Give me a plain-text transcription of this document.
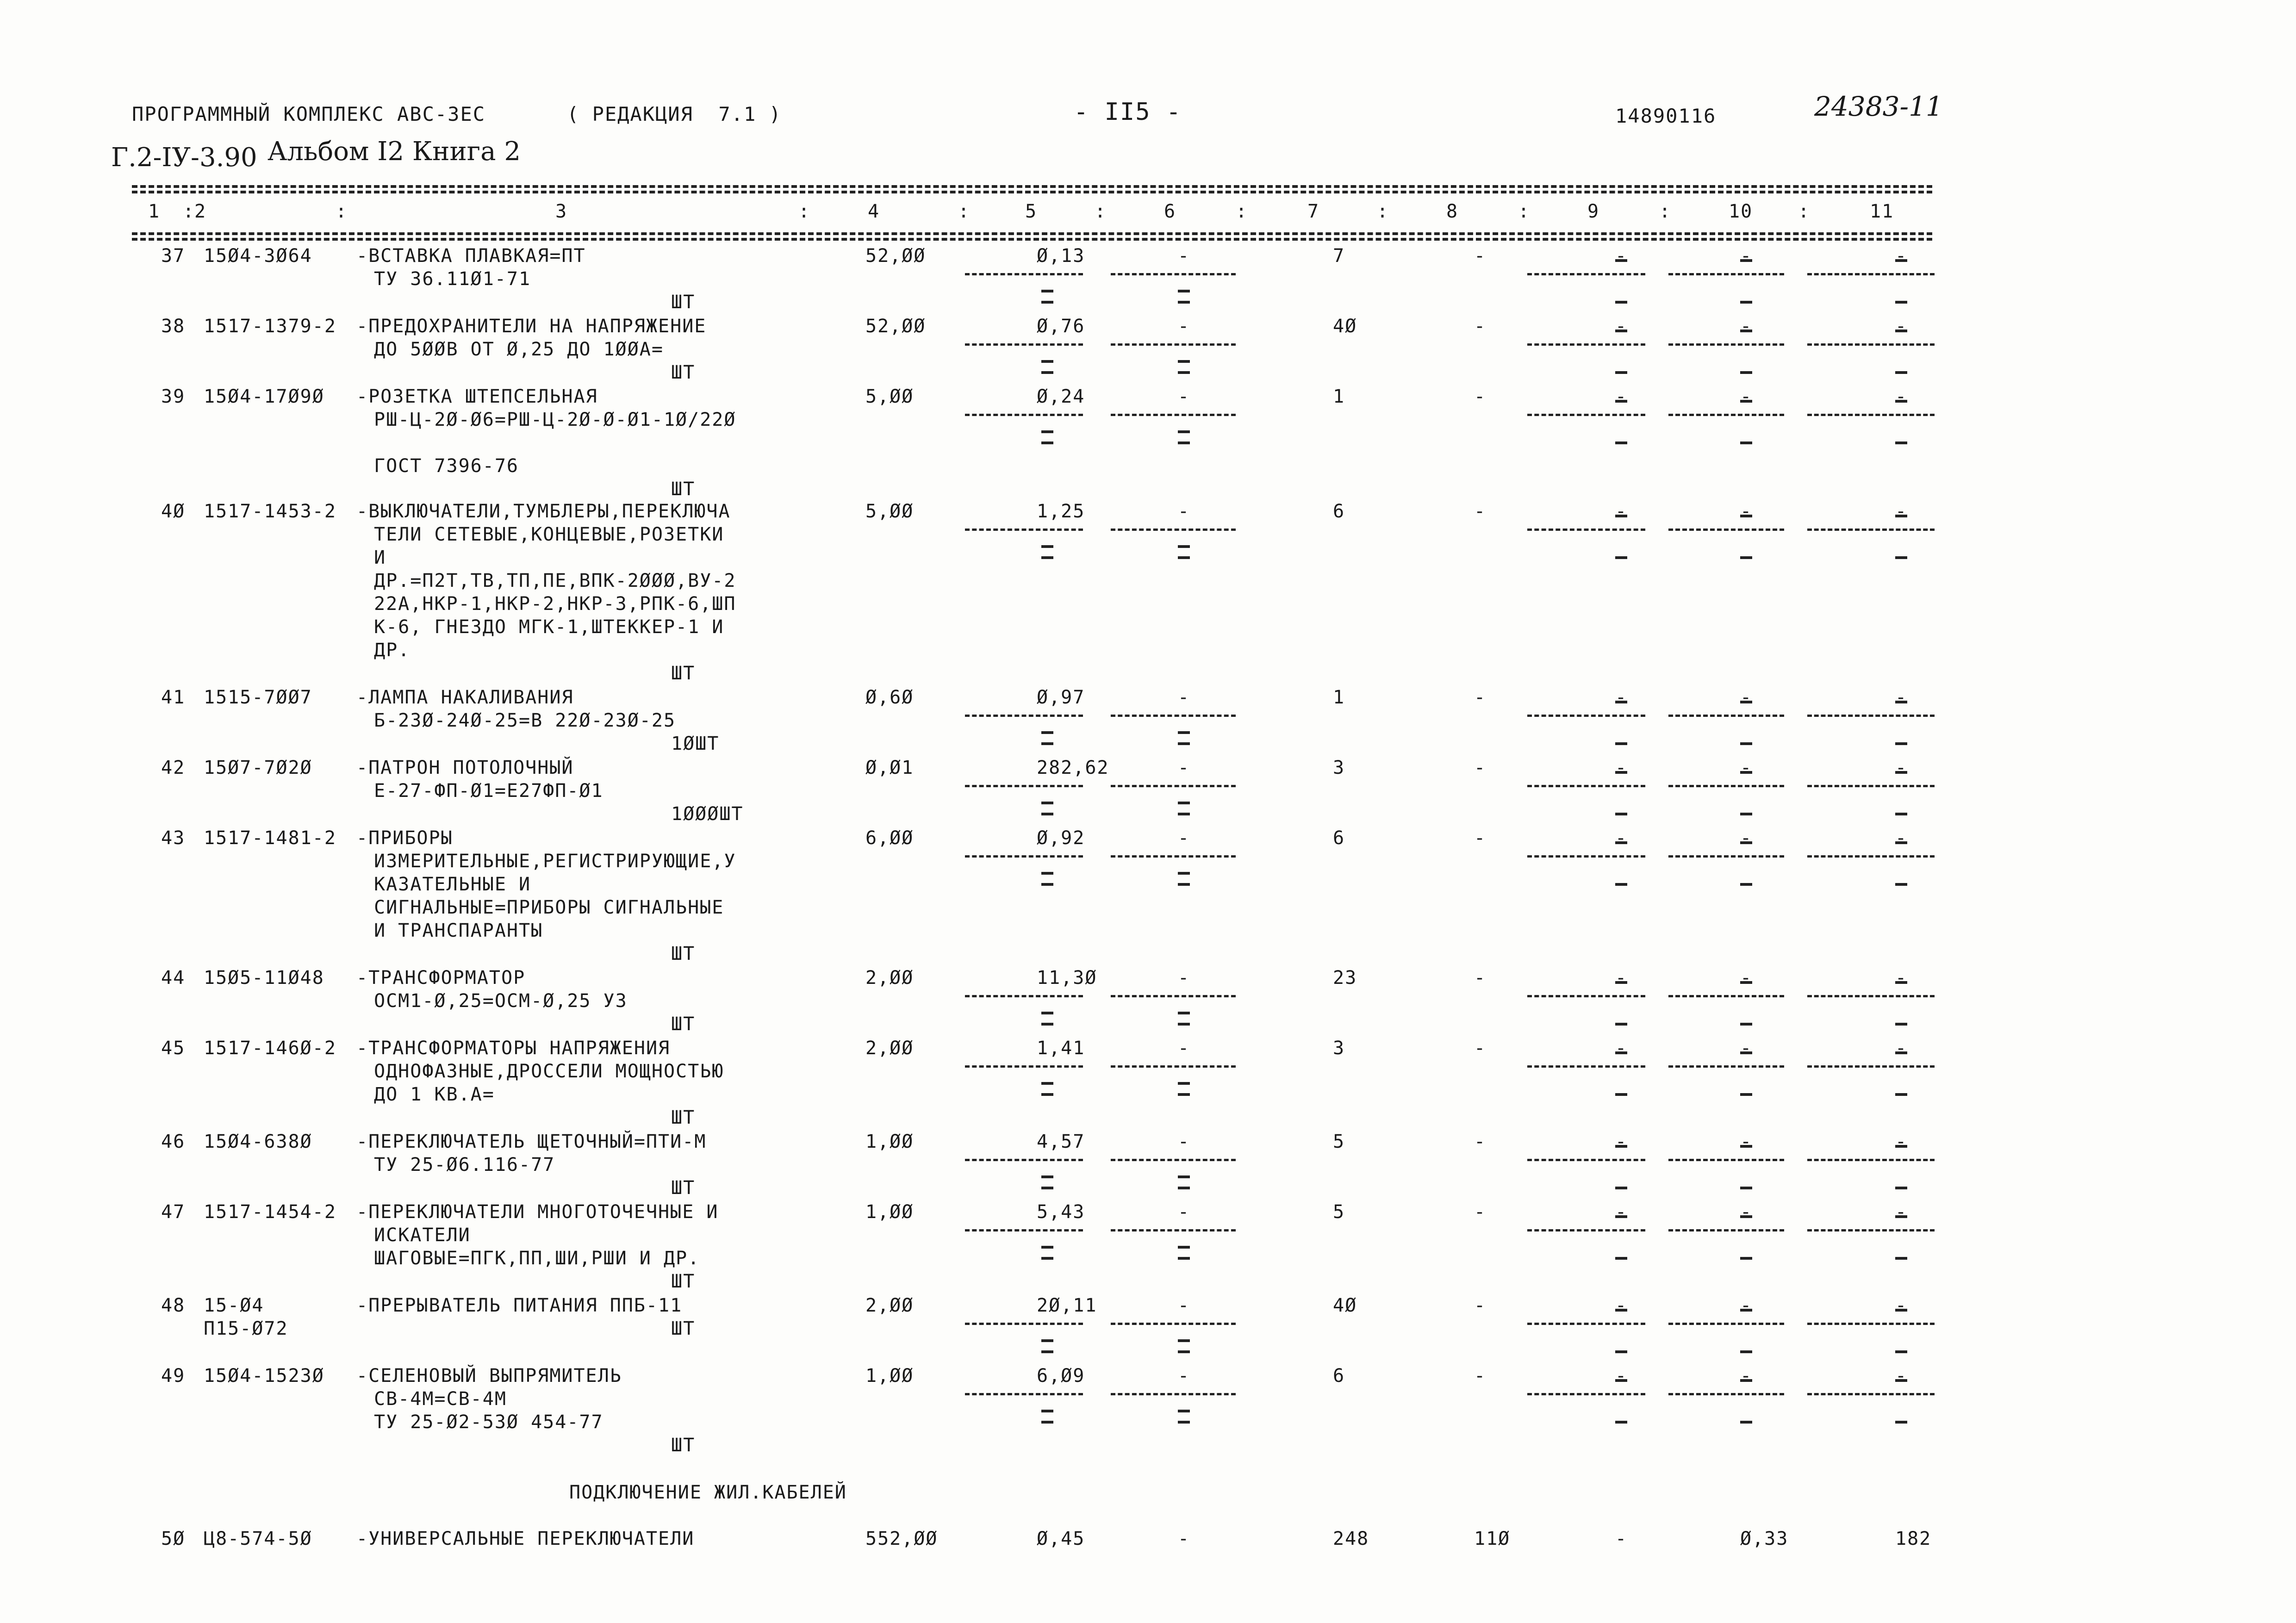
ПРОГРАММНЫЙ КОМПЛЕКС АВС-3ЕС	( РЕДАКЦИЯ  7.1 )	- II5 -	14890116	24383-11
Г.2-IУ-3.90 Альбом I2 Книга 2
1 2	3	4	5	6	7	8	9	10	11
:	:	:	:	:	:	:	:	:	:
37 15Ø4-3Ø64 -ВСТАВКА ПЛАВКАЯ=ПТ
ТУ 36.11Ø1-71
ШТ
52,ØØ	Ø,13	-	7	-	-	-	-
38 1517-1379-2 -ПРЕДОХРАНИТЕЛИ НА НАПРЯЖЕНИЕ
ДО 5ØØВ ОТ Ø,25 ДО 1ØØА=
ШТ
52,ØØ	Ø,76	-	4Ø	-	-	-	-
39 15Ø4-17Ø9Ø -РОЗЕТКА ШТЕПСЕЛЬНАЯ
РШ-Ц-2Ø-Ø6=РШ-Ц-2Ø-Ø-Ø1-1Ø/22Ø
ГОСТ 7396-76
ШТ
5,ØØ	Ø,24	-	1	-	-	-	-
4Ø 1517-1453-2 -ВЫКЛЮЧАТЕЛИ,ТУМБЛЕРЫ,ПЕРЕКЛЮЧА
ТЕЛИ СЕТЕВЫЕ,КОНЦЕВЫЕ,РОЗЕТКИ
И
ДР.=П2Т,ТВ,ТП,ПЕ,ВПК-2ØØØ,ВУ-2
22А,НКР-1,НКР-2,НКР-3,РПК-6,ШП
К-6, ГНЕЗДО МГК-1,ШТЕККЕР-1 И
ДР.
ШТ
5,ØØ	1,25	-	6	-	-	-	-
41 1515-7ØØ7 -ЛАМПА НАКАЛИВАНИЯ
Б-23Ø-24Ø-25=В 22Ø-23Ø-25
1ØШТ
Ø,6Ø	Ø,97	-	1	-	-	-	-
42 15Ø7-7Ø2Ø -ПАТРОН ПОТОЛОЧНЫЙ
Е-27-ФП-Ø1=Е27ФП-Ø1
1ØØØШТ
Ø,Ø1	282,62	-	3	-	-	-	-
43 1517-1481-2 -ПРИБОРЫ
ИЗМЕРИТЕЛЬНЫЕ,РЕГИСТРИРУЮЩИЕ,У
КАЗАТЕЛЬНЫЕ И
СИГНАЛЬНЫЕ=ПРИБОРЫ СИГНАЛЬНЫЕ
И ТРАНСПАРАНТЫ
ШТ
6,ØØ	Ø,92	-	6	-	-	-	-
44 15Ø5-11Ø48 -ТРАНСФОРМАТОР
ОСМ1-Ø,25=ОСМ-Ø,25 У3
ШТ
2,ØØ	11,3Ø	-	23	-	-	-	-
45 1517-146Ø-2 -ТРАНСФОРМАТОРЫ НАПРЯЖЕНИЯ
ОДНОФАЗНЫЕ,ДРОССЕЛИ МОЩНОСТЬЮ
ДО 1 КВ.А=
ШТ
2,ØØ	1,41	-	3	-	-	-	-
46 15Ø4-638Ø -ПЕРЕКЛЮЧАТЕЛЬ ЩЕТОЧНЫЙ=ПТИ-М
ТУ 25-Ø6.116-77
ШТ
1,ØØ	4,57	-	5	-	-	-	-
47 1517-1454-2 -ПЕРЕКЛЮЧАТЕЛИ МНОГОТОЧЕЧНЫЕ И
ИСКАТЕЛИ
ШАГОВЫЕ=ПГК,ПП,ШИ,РШИ И ДР.
ШТ
1,ØØ	5,43	-	5	-	-	-	-
48 15-Ø4
П15-Ø72
-ПРЕРЫВАТЕЛЬ ПИТАНИЯ ППБ-11
ШТ
2,ØØ	2Ø,11	-	4Ø	-	-	-	-
49 15Ø4-1523Ø -СЕЛЕНОВЫЙ ВЫПРЯМИТЕЛЬ
СВ-4М=СВ-4М
ТУ 25-Ø2-53Ø 454-77
ШТ
1,ØØ	6,Ø9	-	6	-	-	-	-
ПОДКЛЮЧЕНИЕ ЖИЛ.КАБЕЛЕЙ
5Ø Ц8-574-5Ø -УНИВЕРСАЛЬНЫЕ ПЕРЕКЛЮЧАТЕЛИ	552,ØØ	Ø,45	-	248	11Ø	-	Ø,33	182
